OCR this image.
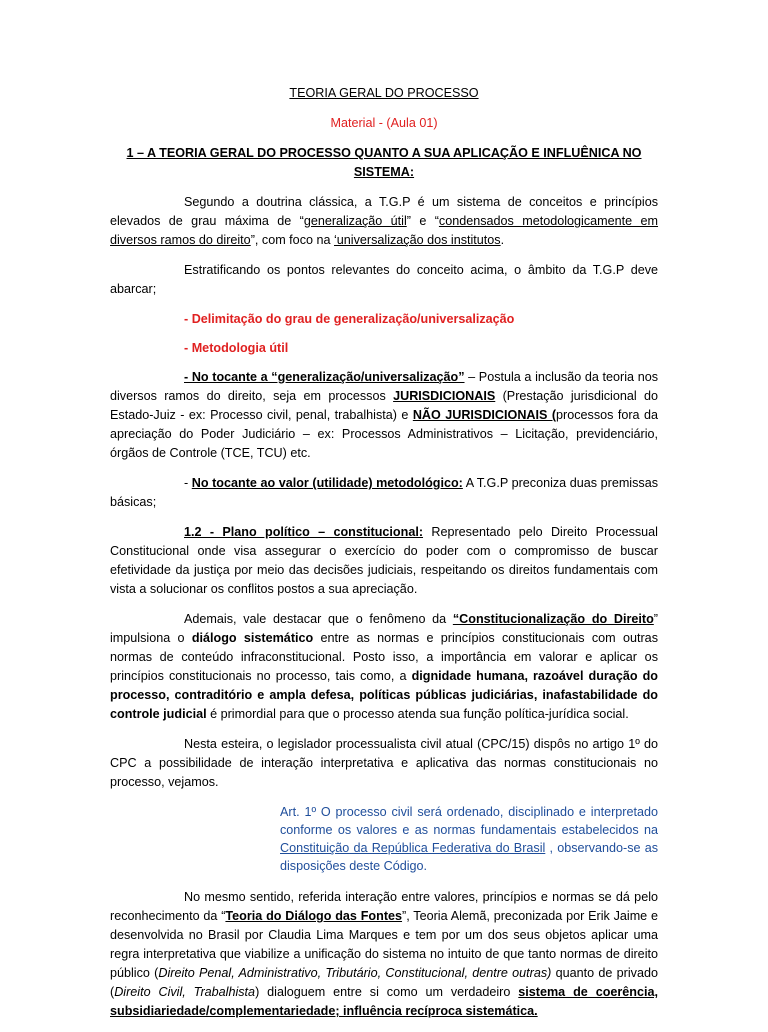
TEORIA GERAL DO PROCESSO

Material - (Aula 01)

1 – A TEORIA GERAL DO PROCESSO QUANTO A SUA APLICAÇÃO E INFLUÊNICA NO SISTEMA:

Segundo a doutrina clássica, a T.G.P é um sistema de conceitos e princípios elevados de grau máxima de “generalização útil” e “condensados metodologicamente em diversos ramos do direito”, com foco na ‘universalização dos institutos.

Estratificando os pontos relevantes do conceito acima, o âmbito da T.G.P deve abarcar;

- Delimitação do grau de generalização/universalização

- Metodologia útil

- No tocante a “generalização/universalização” – Postula a inclusão da teoria nos diversos ramos do direito, seja em processos JURISDICIONAIS (Prestação jurisdicional do Estado-Juiz - ex: Processo civil, penal, trabalhista) e NÃO JURISDICIONAIS (processos fora da apreciação do Poder Judiciário – ex: Processos Administrativos – Licitação, previdenciário, órgãos de Controle (TCE, TCU) etc.

- No tocante ao valor (utilidade) metodológico: A T.G.P preconiza duas premissas básicas;

1.2 - Plano político – constitucional: Representado pelo Direito Processual Constitucional onde visa assegurar o exercício do poder com o compromisso de buscar efetividade da justiça por meio das decisões judiciais, respeitando os direitos fundamentais com vista a solucionar os conflitos postos a sua apreciação.

Ademais, vale destacar que o fenômeno da “Constitucionalização do Direito” impulsiona o diálogo sistemático entre as normas e princípios constitucionais com outras normas de conteúdo infraconstitucional. Posto isso, a importância em valorar e aplicar os princípios constitucionais no processo, tais como, a dignidade humana, razoável duração do processo, contraditório e ampla defesa, políticas públicas judiciárias, inafastabilidade do controle judicial é primordial para que o processo atenda sua função política-jurídica social.

Nesta esteira, o legislador processualista civil atual (CPC/15) dispôs no artigo 1º do CPC a possibilidade de interação interpretativa e aplicativa das normas constitucionais no processo, vejamos.

Art. 1º O processo civil será ordenado, disciplinado e interpretado conforme os valores e as normas fundamentais estabelecidos na Constituição da República Federativa do Brasil , observando-se as disposições deste Código.

No mesmo sentido, referida interação entre valores, princípios e normas se dá pelo reconhecimento da “Teoria do Diálogo das Fontes”, Teoria Alemã, preconizada por Erik Jaime e desenvolvida no Brasil por Claudia Lima Marques e tem por um dos seus objetos aplicar uma regra interpretativa que viabilize a unificação do sistema no intuito de que tanto normas de direito público (Direito Penal, Administrativo, Tributário, Constitucional, dentre outras) quanto de privado (Direito Civil, Trabalhista) dialoguem entre si como um verdadeiro sistema de coerência, subsidiariedade/complementariedade; influência recíproca sistemática.
